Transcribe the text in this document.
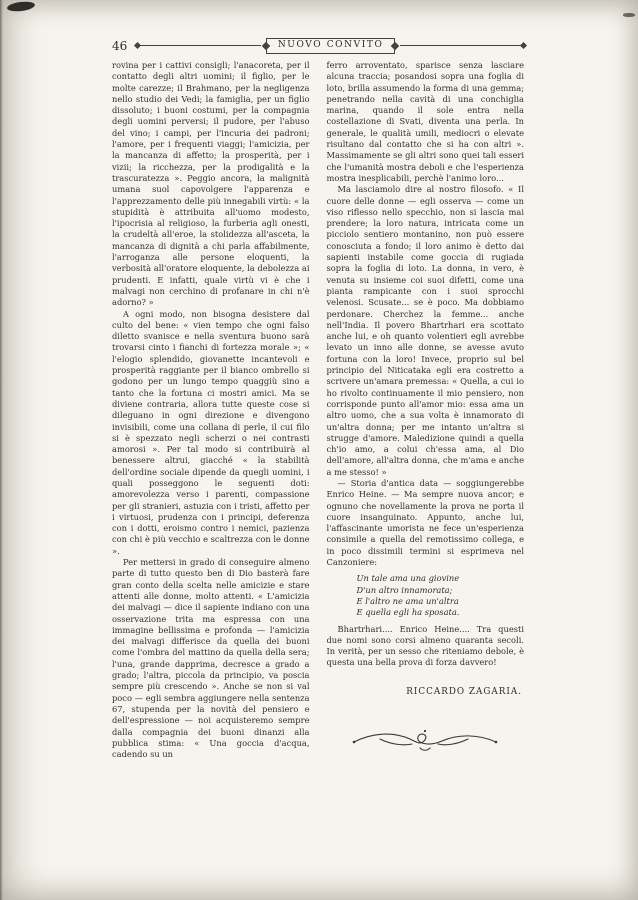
46	NUOVO CONVITO

rovina per i cattivi consigli; l'anacoreta, per il contatto degli altri uomini; il figlio, per le molte carezze; il Brahmano, per la negligenza nello studio dei Vedi; la famiglia, per un figlio dissoluto; i buoni costumi, per la compagnia degli uomini perversi; il pudore, per l'abuso del vino; i campi, per l'incuria dei padroni; l'amore, per i frequenti viaggi; l'amicizia, per la mancanza di affetto; la prosperità, per i vizii; la ricchezza, per la prodigalità e la trascuratezza ». Peggio ancora, la malignità umana suol capovolgere l'apparenza e l'apprezzamento delle più innegabili virtù: « la stupidità è attribuita all'uomo modesto, l'ipocrisia al religioso, la furberia agli onesti, la crudeltà all'eroe, la stolidezza all'asceta, la mancanza di dignità a chi parla affabilmente, l'arroganza alle persone eloquenti, la verbosità all'oratore eloquente, la debolezza ai prudenti. E infatti, quale virtù vi è che i malvagi non cerchino di profanare in chi n'è adorno? »

A ogni modo, non bisogna desistere dal culto del bene: « vien tempo che ogni falso diletto svanisce e nella sventura buono sarà trovarsi cinto i fianchi di fortezza morale »; « l'elogio splendido, giovanette incantevoli e prosperità raggiante per il bianco ombrello si godono per un lungo tempo quaggiù sino a tanto che la fortuna ci mostri amici. Ma se diviene contraria, allora tutte queste cose si dileguano in ogni direzione e divengono invisibili, come una collana di perle, il cui filo si è spezzato negli scherzi o nei contrasti amorosi ». Per tal modo si contribuirà al benessere altrui, giacché « la stabilità dell'ordine sociale dipende da quegli uomini, i quali posseggono le seguenti doti: amorevolezza verso i parenti, compassione per gli stranieri, astuzia con i tristi, affetto per i virtuosi, prudenza con i principi, deferenza con i dotti, eroismo contro i nemici, pazienza con chi è più vecchio e scaltrezza con le donne ».

Per mettersi in grado di conseguire almeno parte di tutto questo ben di Dio basterà fare gran conto della scelta nelle amicizie e stare attenti alle donne, molto attenti. « L'amicizia dei malvagi — dice il sapiente indiano con una osservazione trita ma espressa con una immagine bellissima e profonda — l'amicizia dei malvagi differisce da quella dei buoni come l'ombra del mattino da quella della sera; l'una, grande dapprima, decresce a grado a grado; l'altra, piccola da principio, va poscia sempre più crescendo ». Anche se non si val poco — egli sembra aggiungere nella sentenza 67, stupenda per la novità del pensiero e dell'espressione — noi acquisteremo sempre dalla compagnia dei buoni dinanzi alla pubblica stima: « Una goccia d'acqua, cadendo su un

ferro arroventato, sparisce senza lasciare alcuna traccia; posandosi sopra una foglia di loto, brilla assumendo la forma di una gemma; penetrando nella cavità di una conchiglia marina, quando il sole entra nella costellazione di Svati, diventa una perla. In generale, le qualità umili, mediocri o elevate risultano dal contatto che si ha con altri ». Massimamente se gli altri sono quei tali esseri che l'umanità mostra deboli e che l'esperienza mostra inesplicabili, perchè l'animo loro...

Ma lasciamolo dire al nostro filosofo. « Il cuore delle donne — egli osserva — come un viso riflesso nello specchio, non si lascia mai prendere; la loro natura, intricata come un picciolo sentiero montanino, non può essere conosciuta a fondo; il loro animo è detto dai sapienti instabile come goccia di rugiada sopra la foglia di loto. La donna, in vero, è venuta su insieme coi suoi difetti, come una pianta rampicante con i suoi sprocchi velenosi. Scusate... se è poco. Ma dobbiamo perdonare. Cherchez la femme... anche nell'India. Il povero Bhartrhari era scottato anche lui, e oh quanto volentieri egli avrebbe levato un inno alle donne, se avesse avuto fortuna con la loro! Invece, proprio sul bel principio del Niticataka egli era costretto a scrivere un'amara premessa: « Quella, a cui io ho rivolto continuamente il mio pensiero, non corrisponde punto all'amor mio: essa ama un altro uomo, che a sua volta è innamorato di un'altra donna; per me intanto un'altra si strugge d'amore. Maledizione quindi a quella ch'io amo, a colui ch'essa ama, al Dio dell'amore, all'altra donna, che m'ama e anche a me stesso! »

— Storia d'antica data — soggiungerebbe Enrico Heine. — Ma sempre nuova ancor; e ognuno che novellamente la prova ne porta il cuore insanguinato. Appunto, anche lui, l'affascinante umorista ne fece un'esperienza consimile a quella del remotissimo collega, e in poco dissimili termini si esprimeva nel Canzoniere:

Un tale ama una giovine
D'un altro innamorata;
E l'altro ne ama un'altra
E quella egli ha sposata.

Bhartrhari.... Enrico Heine.... Tra questi due nomi sono corsi almeno quaranta secoli. In verità, per un sesso che riteniamo debole, è questa una bella prova di forza davvero!

RICCARDO ZAGARIA.
